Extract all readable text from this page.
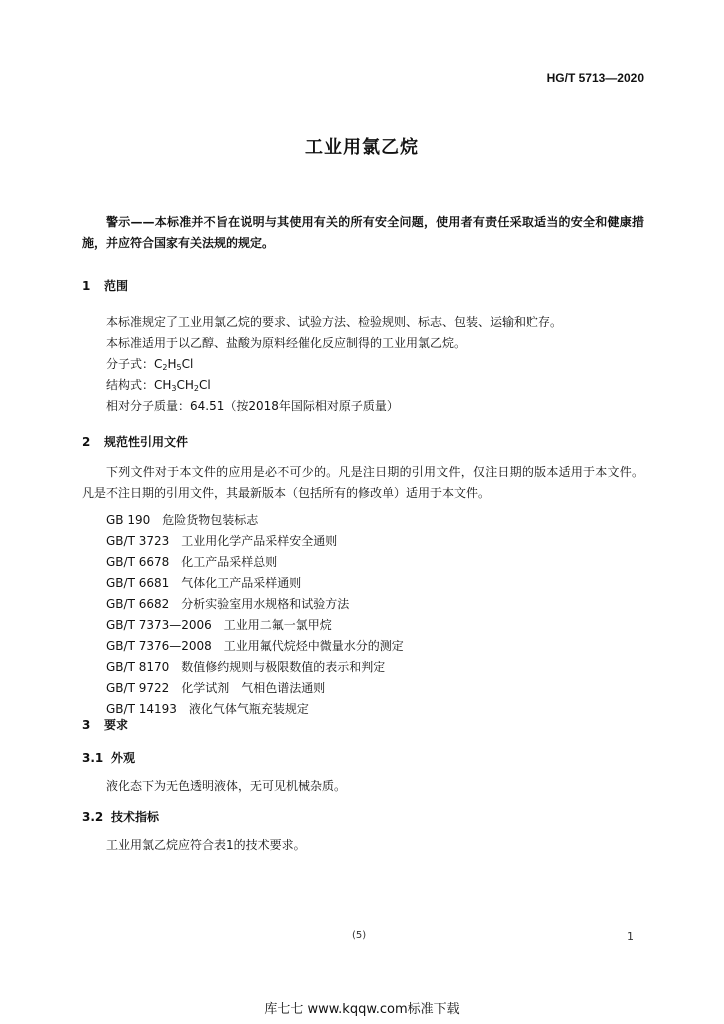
HG/T 5713—2020
工业用氯乙烷
警示——本标准并不旨在说明与其使用有关的所有安全问题，使用者有责任采取适当的安全和健康措施，并应符合国家有关法规的规定。
1 范围
本标准规定了工业用氯乙烷的要求、试验方法、检验规则、标志、包装、运输和贮存。
本标准适用于以乙醇、盐酸为原料经催化反应制得的工业用氯乙烷。
分子式：$C_2H_5Cl$
结构式：$CH_3CH_2Cl$
相对分子质量：64.51（按2018年国际相对原子质量）
2 规范性引用文件
下列文件对于本文件的应用是必不可少的。凡是注日期的引用文件，仅注日期的版本适用于本文件。凡是不注日期的引用文件，其最新版本（包括所有的修改单）适用于本文件。
GB 190 危险货物包装标志
GB/T 3723 工业用化学产品采样安全通则
GB/T 6678 化工产品采样总则
GB/T 6681 气体化工产品采样通则
GB/T 6682 分析实验室用水规格和试验方法
GB/T 7373—2006 工业用二氟一氯甲烷
GB/T 7376—2008 工业用氟代烷烃中微量水分的测定
GB/T 8170 数值修约规则与极限数值的表示和判定
GB/T 9722 化学试剂　气相色谱法通则
GB/T 14193 液化气体气瓶充装规定
3 要求
3.1 外观
液化态下为无色透明液体，无可见机械杂质。
3.2 技术指标
工业用氯乙烷应符合表1的技术要求。
(5)	1
库七七 www.kqqw.com标准下载
